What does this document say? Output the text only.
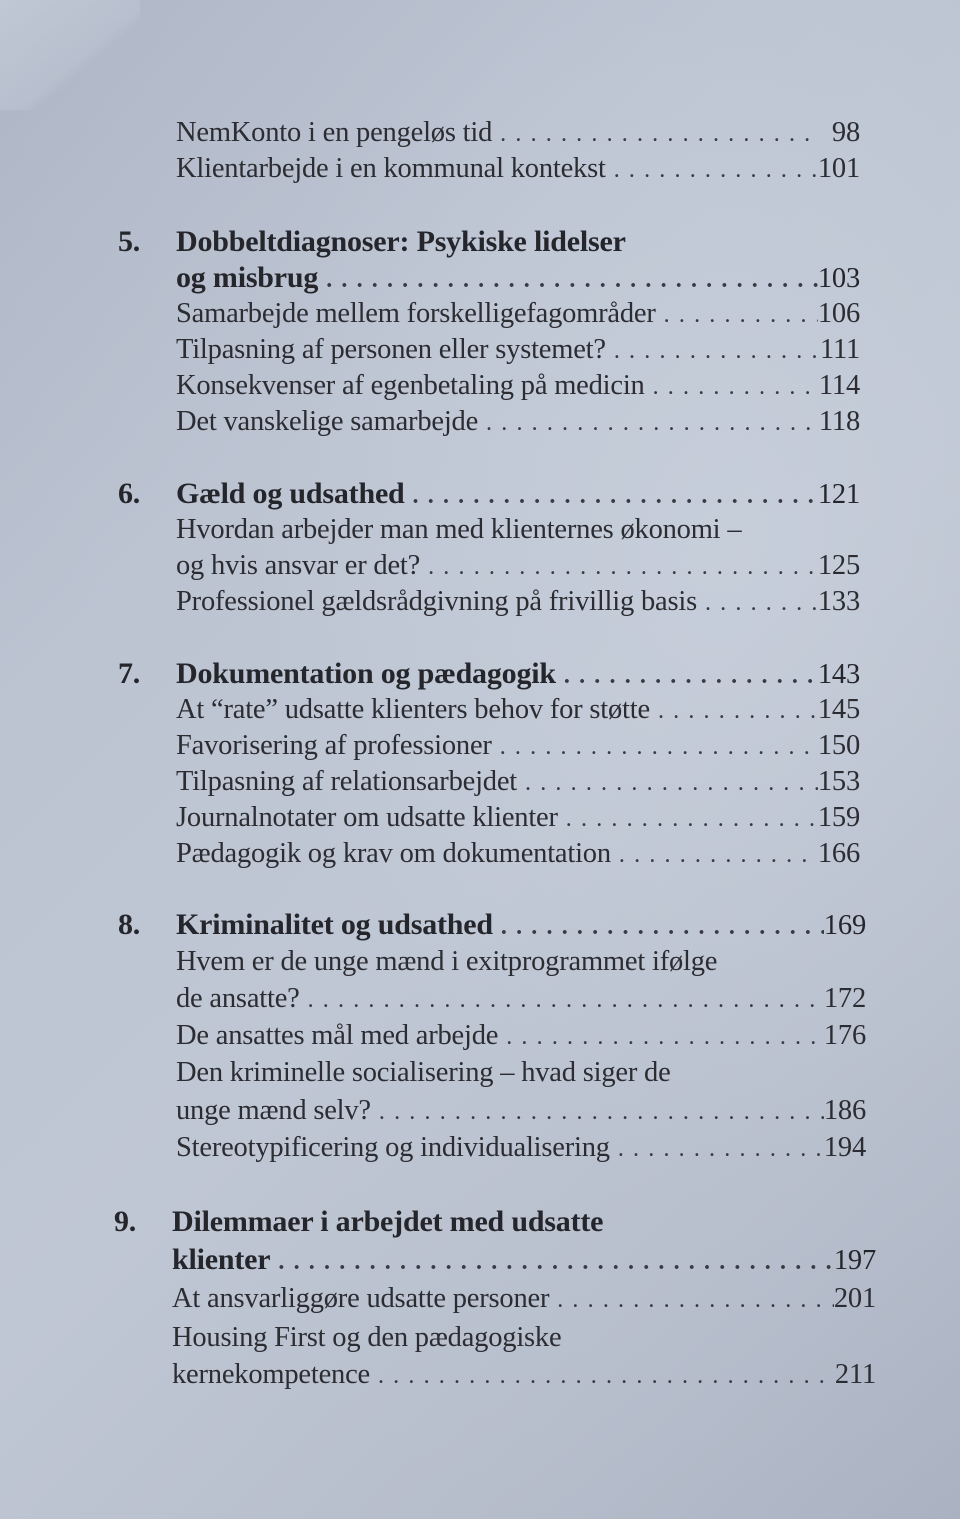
NemKonto i en pengeløs tid . . .	98
Klientarbejde i en kommunal kontekst . . .	101
5. Dobbeltdiagnoser: Psykiske lidelser
og misbrug . . .	103
Samarbejde mellem forskelligefagområder . . .	106
Tilpasning af personen eller systemet? . . .	111
Konsekvenser af egenbetaling på medicin . . .	114
Det vanskelige samarbejde . . .	118
6.	Gæld og udsathed . . .	121
Hvordan arbejder man med klienternes økonomi –
og hvis ansvar er det? . . .	125
Professionel gældsrådgivning på frivillig basis . . .	133
7.	Dokumentation og pædagogik . . .	143
At “rate” udsatte klienters behov for støtte . . .	145
Favorisering af professioner . . .	150
Tilpasning af relationsarbejdet . . .	153
Journalnotater om udsatte klienter . . .	159
Pædagogik og krav om dokumentation . . .	166
8.	Kriminalitet og udsathed . . .	169
Hvem er de unge mænd i exitprogrammet ifølge
de ansatte? . . .	172
De ansattes mål med arbejde . . .	176
Den kriminelle socialisering – hvad siger de
unge mænd selv? . . .	186
Stereotypificering og individualisering . . .	194
9. Dilemmaer i arbejdet med udsatte
klienter . . .	197
At ansvarliggøre udsatte personer . . .	201
Housing First og den pædagogiske
kernekompetence . . .	211
